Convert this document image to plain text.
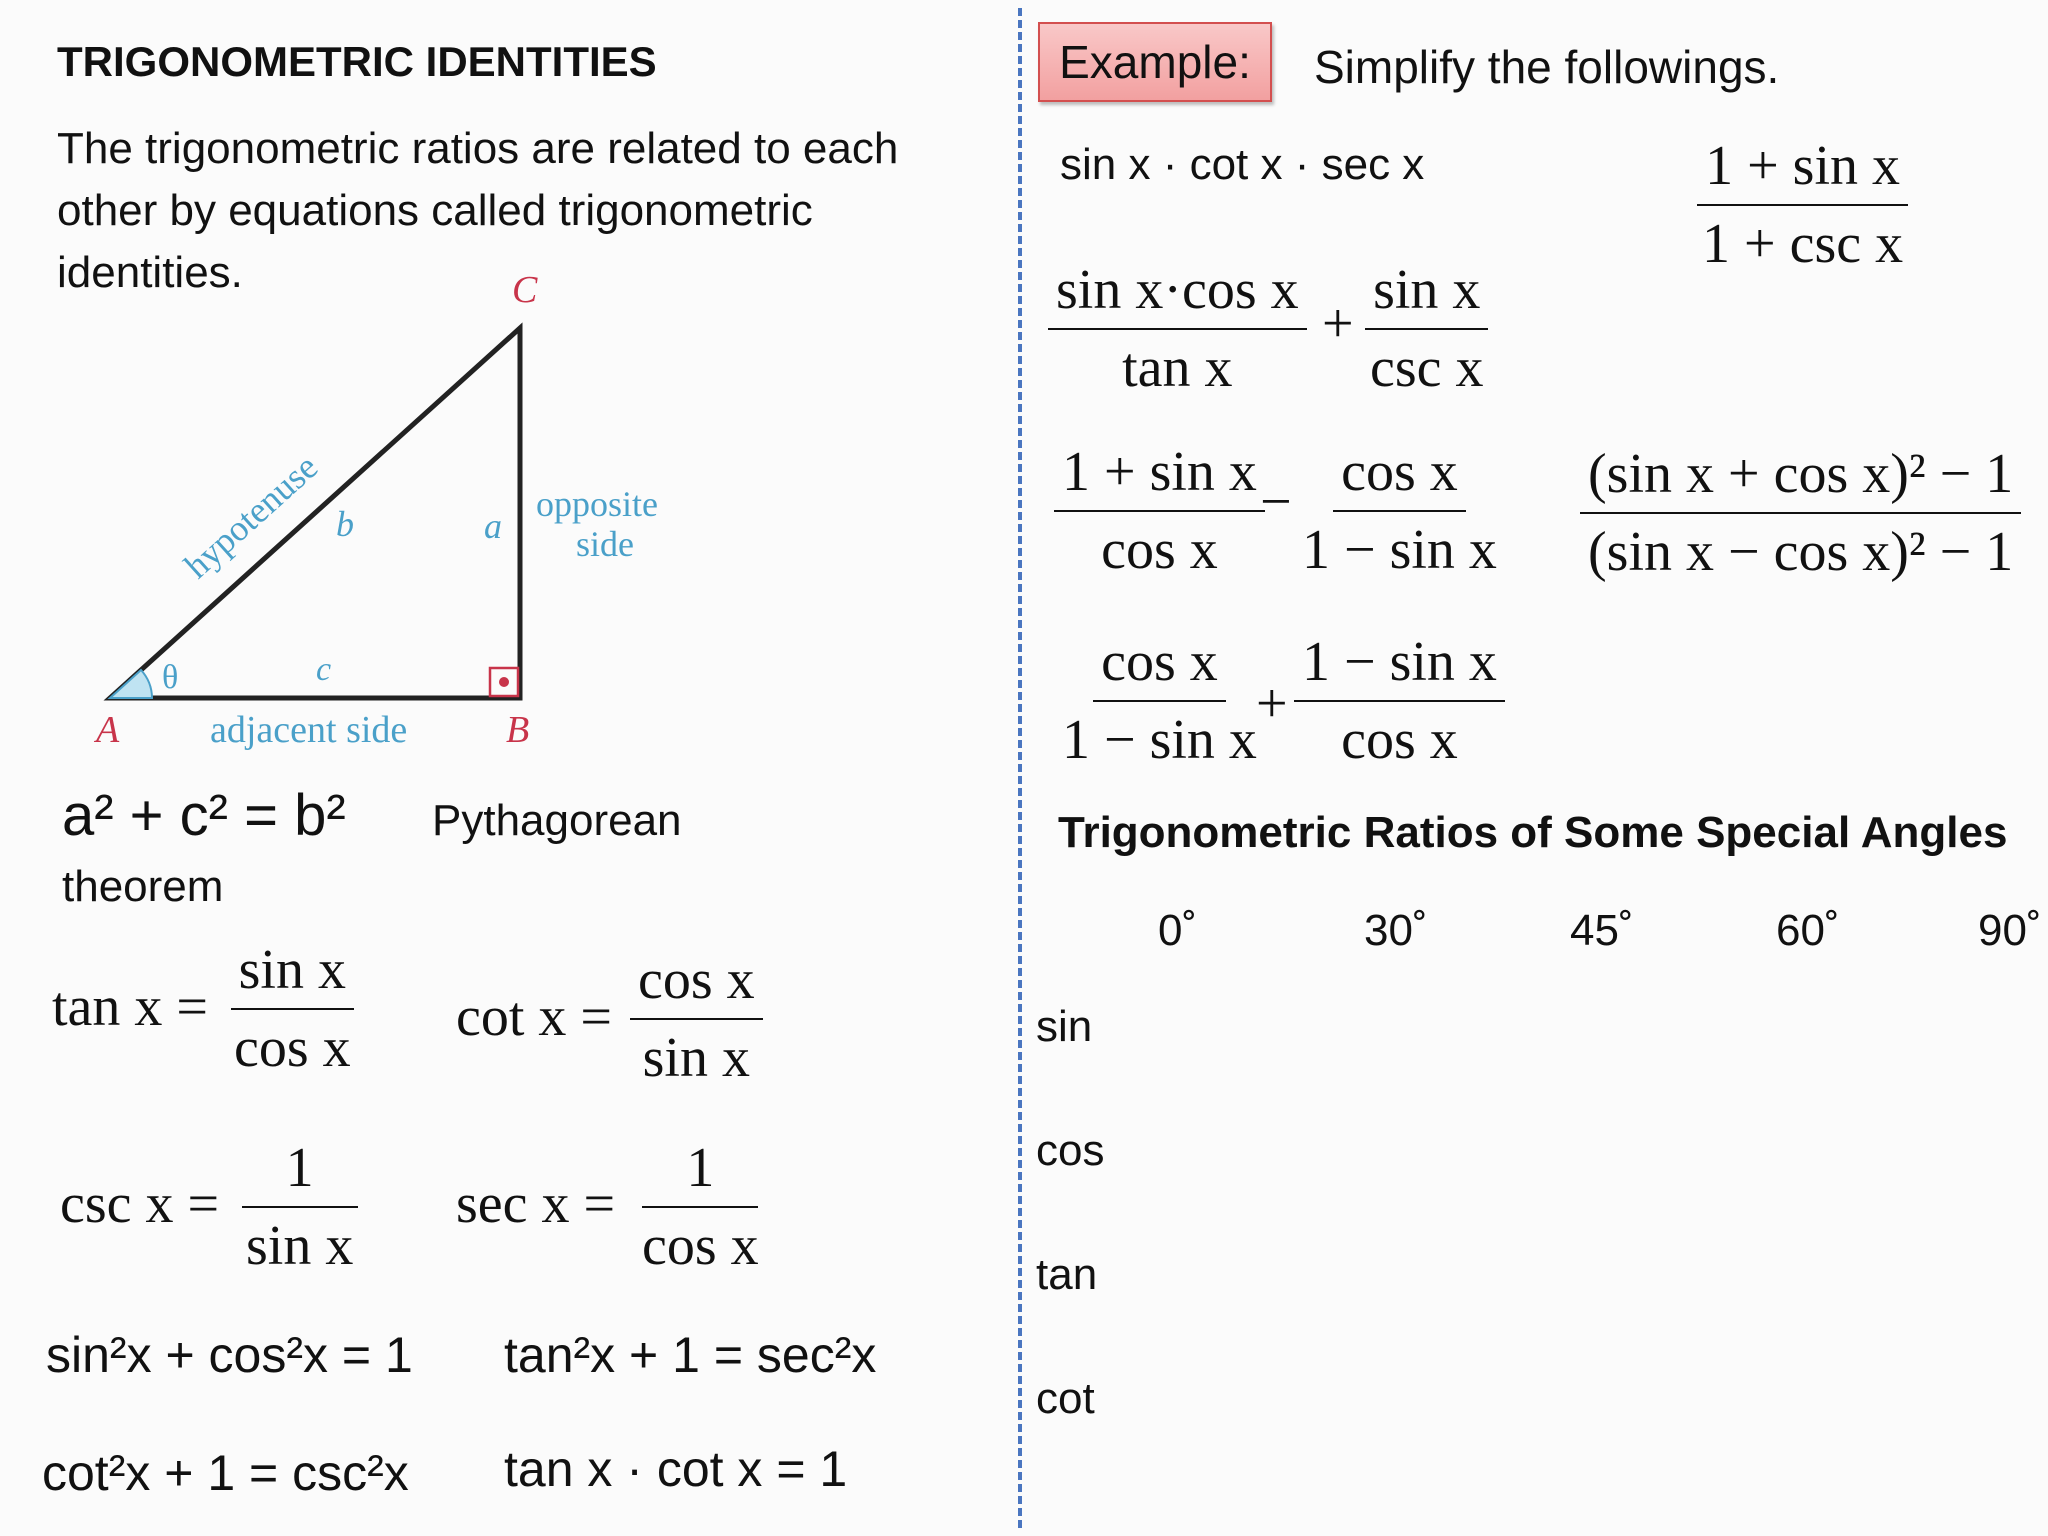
TRIGONOMETRIC IDENTITIES
The trigonometric ratios are related to each other by equations called trigonometric identities.
A	B
C
θ	c
a
b
hypotenuse	opposite
side
adjacent side
a² + c² = b² Pythagorean
theorem
$\tan x = \frac{\text{sin x}}{\text{cos x}}$ $\cot x = \frac{\text{cos x}}{\text{sin x}}$
$\csc x = \frac{1}{\text{sin x}}$ $\sec x = \frac{1}{\text{cos x}}$
sin²x + cos²x = 1 tan²x + 1 = sec²x
cot²x + 1 = csc²x tan x · cot x = 1
Example:	Simplify the followings.
sin x · cot x · sec x	1 + sin x
1 + csc x
$\frac{\text{sin x·cos x}}{\text{tan x}}$ +
sin x
csc x
$\frac{\text{1 + sin x}}{\text{cos x}}$
− $\frac{\text{cos x}}{\text{1 − sin x}} \frac{\text{(sin x + cos x)² − 1}}{\text{(sin x − cos x)² − 1}}$
$\frac{\text{cos x}}{\text{1 − sin x}}$
+ $\frac{\text{1 − sin x}}{\text{cos x}}$
Trigonometric Ratios of Some Special Angles
0˚	30˚	45˚	60˚	90˚
sin
cos
tan
cot
